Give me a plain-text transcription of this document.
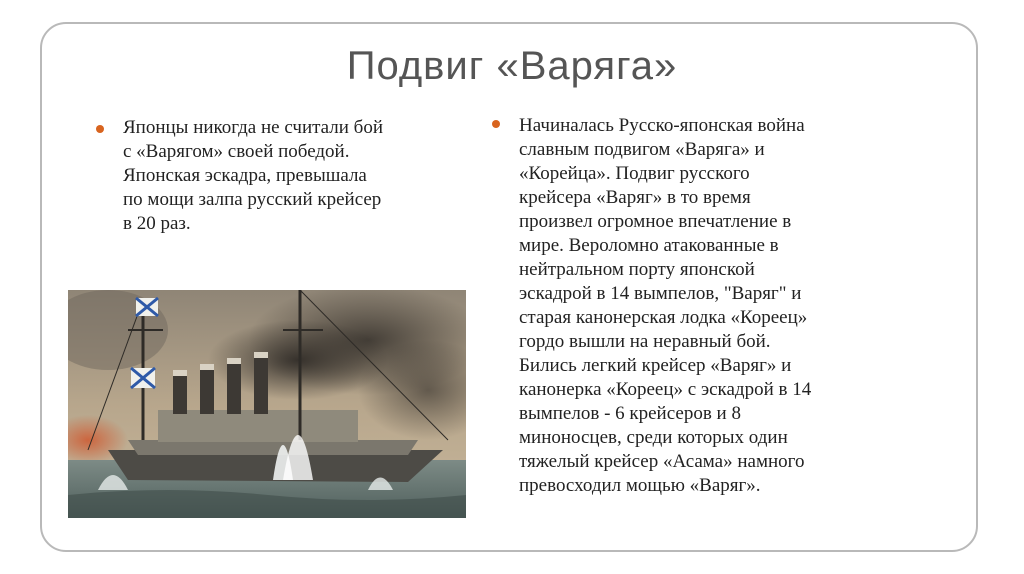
Подвиг «Варяга»
Японцы никогда не считали бой
с «Варягом» своей победой.
Японская эскадра, превышала
по мощи залпа русский крейсер
в 20 раз.
Начиналась Русско-японская война
славным подвигом «Варяга» и
«Корейца». Подвиг русского
крейсера «Варяг» в то время
произвел огромное впечатление в
мире. Вероломно атакованные в
нейтральном порту японской
эскадрой в 14 вымпелов, "Варяг" и
старая канонерская лодка «Кореец»
гордо вышли на неравный бой.
Бились легкий крейсер «Варяг» и
канонерка «Кореец» с эскадрой в 14
вымпелов - 6 крейсеров и 8
миноносцев, среди которых один
тяжелый крейсер «Асама» намного
превосходил мощью «Варяг».
